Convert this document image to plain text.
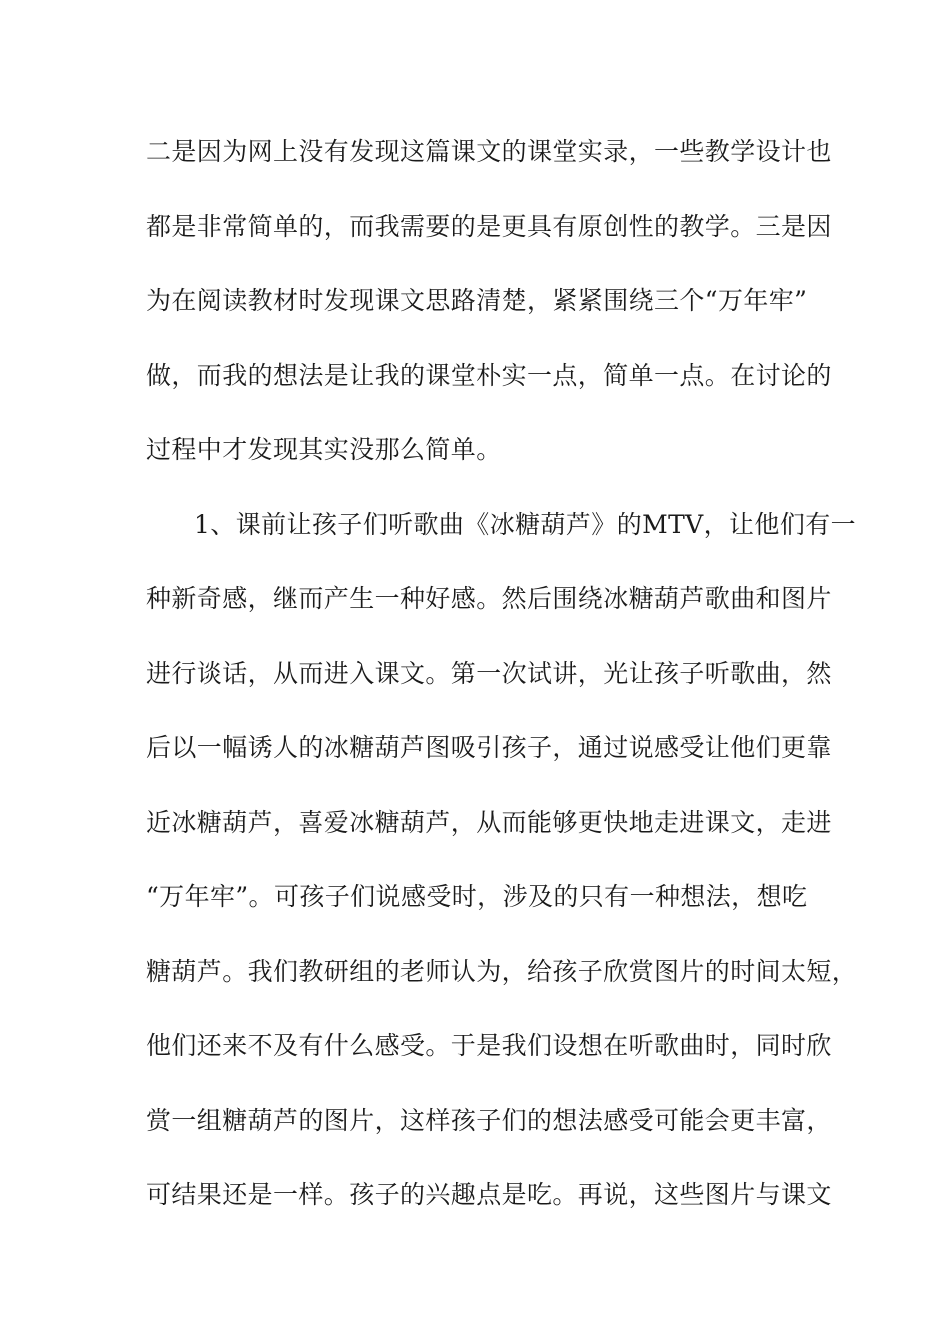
二是因为网上没有发现这篇课文的课堂实录，一些教学设计也
都是非常简单的，而我需要的是更具有原创性的教学。三是因
为在阅读教材时发现课文思路清楚，紧紧围绕三个“万年牢”
做，而我的想法是让我的课堂朴实一点，简单一点。在讨论的
过程中才发现其实没那么简单。
1、课前让孩子们听歌曲《冰糖葫芦》的MTV，让他们有一
种新奇感，继而产生一种好感。然后围绕冰糖葫芦歌曲和图片
进行谈话，从而进入课文。第一次试讲，光让孩子听歌曲，然
后以一幅诱人的冰糖葫芦图吸引孩子，通过说感受让他们更靠
近冰糖葫芦，喜爱冰糖葫芦，从而能够更快地走进课文，走进
“万年牢”。可孩子们说感受时，涉及的只有一种想法，想吃
糖葫芦。我们教研组的老师认为，给孩子欣赏图片的时间太短，
他们还来不及有什么感受。于是我们设想在听歌曲时，同时欣
赏一组糖葫芦的图片，这样孩子们的想法感受可能会更丰富，
可结果还是一样。孩子的兴趣点是吃。再说，这些图片与课文
